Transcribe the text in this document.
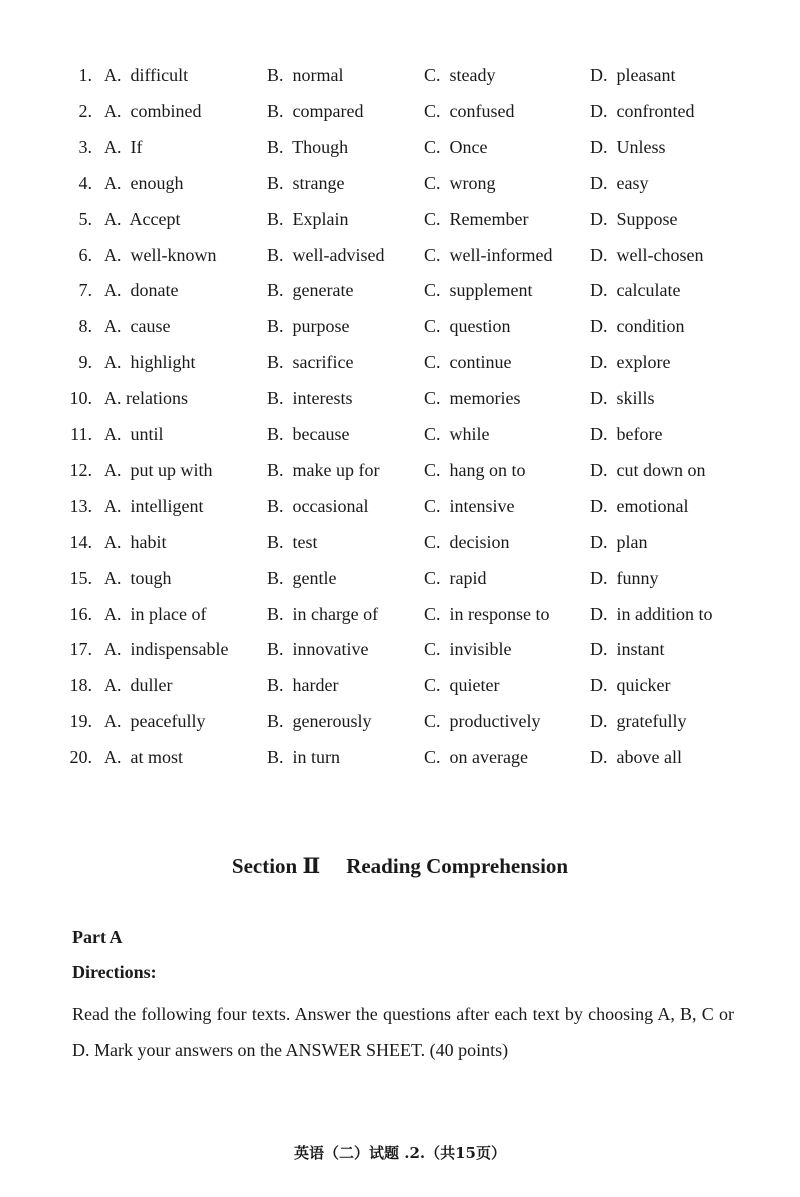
1. A.  difficult	B.  normal	C.  steady	D.  pleasant
2. A.  combined	B.  compared	C.  confused	D.  confronted
3. A.  If	B.  Though	C.  Once	D.  Unless
4. A.  enough	B.  strange	C.  wrong	D.  easy
5. A.  Accept	B.  Explain	C.  Remember	D.  Suppose
6. A.  well-known	B.  well-advised C.  well-informed D.  well-chosen
7. A.  donate	B.  generate	C.  supplement	D.  calculate
8. A.  cause	B.  purpose	C.  question	D.  condition
9. A.  highlight	B.  sacrifice	C.  continue	D.  explore
10. A. relations	B.  interests	C.  memories	D.  skills
11. A.  until	B.  because	C.  while	D.  before
12. A.  put up with	B.  make up for C.  hang on to	D.  cut down on
13. A.  intelligent	B.  occasional	C.  intensive	D.  emotional
14. A.  habit	B.  test	C.  decision	D.  plan
15. A.  tough	B.  gentle	C.  rapid	D.  funny
16. A.  in place of	B.  in charge of	C.  in response to D.  in addition to
17. A.  indispensable B.  innovative	C.  invisible	D.  instant
18. A.  duller	B.  harder	C.  quieter	D.  quicker
19. A.  peacefully	B.  generously	C.  productively	D.  gratefully
20. A.  at most	B.  in turn	C.  on average	D.  above all
Section Ⅱ Reading Comprehension
Part A
Directions:
Read the following four texts. Answer the questions after each text by choosing A, B, C or D. Mark your answers on the ANSWER SHEET. (40 points)
英语（二）试题 .2.（共15页）
